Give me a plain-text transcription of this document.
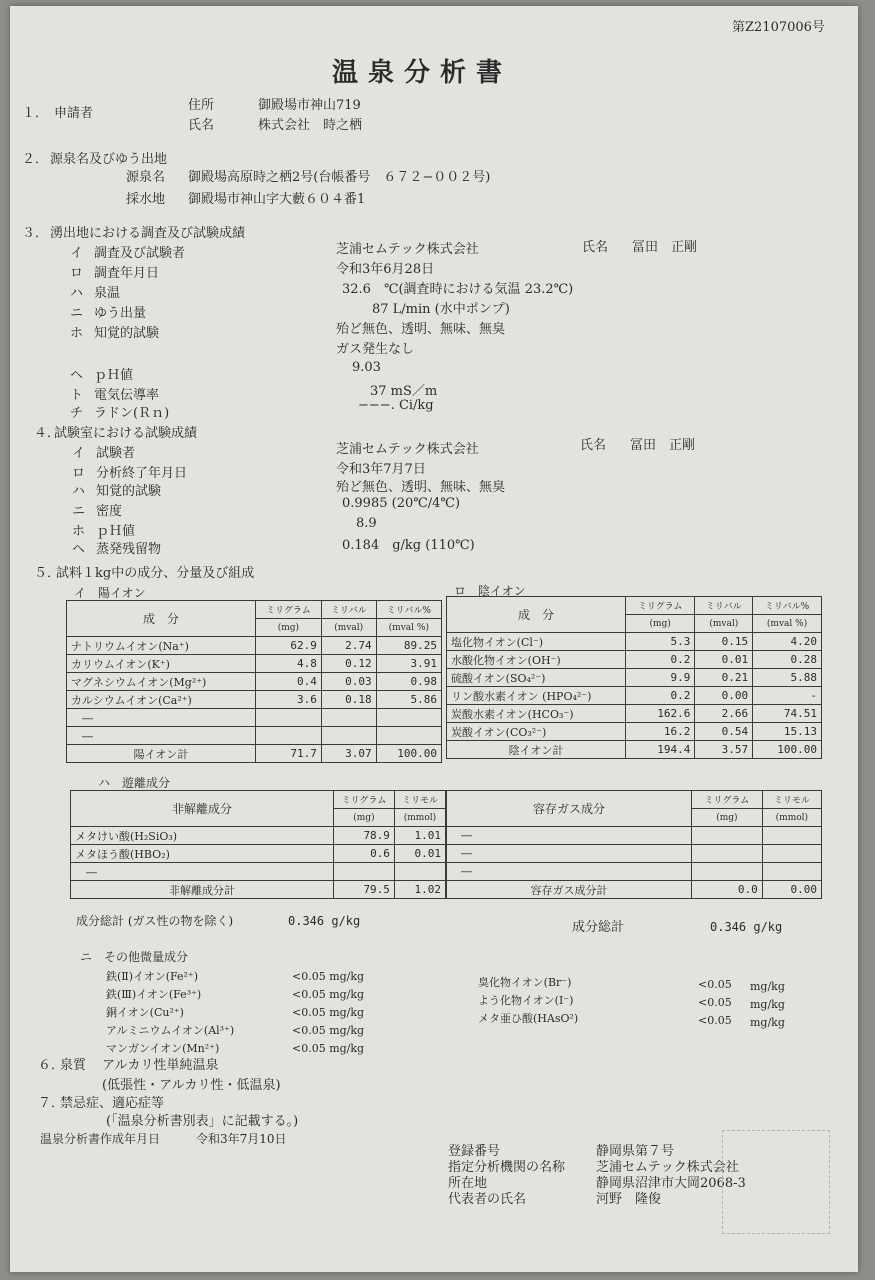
第Z2107006号
温泉分析書
１． 申請者
住所	御殿場市神山719
氏名	株式会社　時之栖
２． 源泉名及びゆう出地
源泉名 御殿場高原時之栖2号(台帳番号　６７２−００２号)
採水地 御殿場市神山字大藪６０４番1
３． 湧出地における調査及び試験成績
イ 調査及び試験者	芝浦セムテック株式会社
ロ 調査年月日	令和3年6月28日
ハ 泉温	32.6　℃(調査時における気温 23.2℃)
ニ ゆう出量	87 L/min (水中ポンプ)
ホ 知覚的試験	殆ど無色、透明、無味、無臭
ガス発生なし
ヘ ｐＨ値
9.03
ト 電気伝導率	37 mS／m
チ ラドン(Ｒｎ)
−−−. Ci/kg
氏名 冨田　正剛
４．
試験室における試験成績
イ 試験者	芝浦セムテック株式会社
ロ 分析終了年月日	令和3年7月7日
ハ 知覚的試験	殆ど無色、透明、無味、無臭
ニ 密度
0.9985 (20℃/4℃)
ホ ｐＨ値
8.9
ヘ 蒸発残留物	0.184　g/kg (110℃)
氏名 冨田　正剛
５．
試料１kg中の成分、分量及び組成
イ　陽イオン	ロ　陰イオン
成　分	ミリグラム	ミリバル	ミリバル%
	(mg)	(mval)	(mval %)
ナトリウムイオン(Na⁺)	62.9	2.74	89.25
カリウムイオン(K⁺)	4.8	0.12	3.91
マグネシウムイオン(Mg²⁺)	0.4	0.03	0.98
カルシウムイオン(Ca²⁺)	3.6	0.18	5.86
　―			
　―			
陽イオン計	71.7	3.07	100.00
成　分	ミリグラム	ミリバル	ミリバル%
	(mg)	(mval)	(mval %)
塩化物イオン(Cl⁻)	5.3	0.15	4.20
水酸化物イオン(OH⁻)	0.2	0.01	0.28
硫酸イオン(SO₄²⁻)	9.9	0.21	5.88
リン酸水素イオン (HPO₄²⁻)	0.2	0.00	-
炭酸水素イオン(HCO₃⁻)	162.6	2.66	74.51
炭酸イオン(CO₃²⁻)	16.2	0.54	15.13
陰イオン計	194.4	3.57	100.00
ハ　遊離成分
非解離成分	ミリグラム	ミリモル
	(mg)	(mmol)
メタけい酸(H₂SiO₃)	78.9	1.01
メタほう酸(HBO₂)	0.6	0.01
　―		
非解離成分計	79.5	1.02
容存ガス成分	ミリグラム	ミリモル
	(mg)	(mmol)
―		
―		
―		
容存ガス成分計	0.0	0.00
成分総計 (ガス性の物を除く)	0.346 g/kg	成分総計	0.346 g/kg
ニ　その他微量成分
鉄(Ⅱ)イオン(Fe²⁺)	<0.05 mg/kg
鉄(Ⅲ)イオン(Fe³⁺)	<0.05 mg/kg
銅イオン(Cu²⁺)	<0.05 mg/kg
アルミニウムイオン(Al³⁺)	<0.05 mg/kg
マンガンイオン(Mn²⁺)	<0.05 mg/kg
臭化物イオン(Br⁻)	<0.05 mg/kg
よう化物イオン(I⁻)	<0.05 mg/kg
メタ亜ひ酸(HAsO²)	<0.05 mg/kg
６．
泉質 アルカリ性単純温泉
(低張性・アルカリ性・低温泉)
７．
禁忌症、適応症等
(「温泉分析書別表」に記載する。)
温泉分析書作成年月日	令和3年7月10日
登録番号	静岡県第７号
指定分析機関の名称 芝浦セムテック株式会社
所在地	静岡県沼津市大岡2068-3
代表者の氏名	河野　隆俊
